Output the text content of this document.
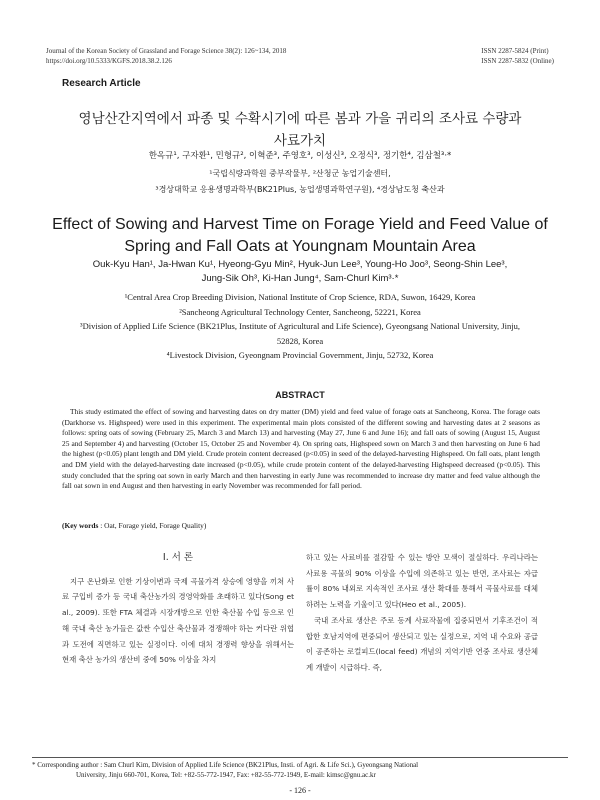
Journal of the Korean Society of Grassland and Forage Science 38(2): 126~134, 2018
https://doi.org/10.5333/KGFS.2018.38.2.126
ISSN 2287-5824 (Print)
ISSN 2287-5832 (Online)
Research Article
영남산간지역에서 파종 및 수확시기에 따른 봄과 가을 귀리의 조사료 수량과
사료가치
한옥규¹, 구자환¹, 민형규², 이혁준³, 주영호³, 이성신³, 오정식³, 정기한⁴, 김삼철³·*
¹국립식량과학원 중부작물부, ²산청군 농업기술센터,
³경상대학교 응용생명과학부(BK21Plus, 농업생명과학연구원), ⁴경상남도청 축산과
Effect of Sowing and Harvest Time on Forage Yield and Feed Value of
Spring and Fall Oats at Youngnam Mountain Area
Ouk-Kyu Han¹, Ja-Hwan Ku¹, Hyeong-Gyu Min², Hyuk-Jun Lee³, Young-Ho Joo³, Seong-Shin Lee³,
Jung-Sik Oh³, Ki-Han Jung⁴, Sam-Churl Kim³·*
¹Central Area Crop Breeding Division, National Institute of Crop Science, RDA, Suwon, 16429, Korea
²Sancheong Agricultural Technology Center, Sancheong, 52221, Korea
³Division of Applied Life Science (BK21Plus, Institute of Agricultural and Life Science), Gyeongsang National University, Jinju,
52828, Korea
⁴Livestock Division, Gyeongnam Provincial Government, Jinju, 52732, Korea
ABSTRACT
This study estimated the effect of sowing and harvesting dates on dry matter (DM) yield and feed value of forage oats at Sancheong, Korea. The forage oats (Darkhorse vs. Highspeed) were used in this experiment. The experimental main plots consisted of the different sowing and harvesting dates at 2 seasons as follows: spring oats of sowing (February 25, March 3 and March 13) and harvesting (May 27, June 6 and June 16); and fall oats of sowing (August 15, August 25 and September 4) and harvesting (October 15, October 25 and November 4). On spring oats, Highspeed sown on March 3 and then harvesting on June 6 had the highest (p<0.05) plant length and DM yield. Crude protein content decreased (p<0.05) in seed of the delayed-harvesting Highspeed. On fall oats, plant length and DM yield with the delayed-harvesting date increased (p<0.05), while crude protein content of the delayed-harvesting Highspeed decreased (p<0.05). This study concluded that the spring oat sown in early March and then harvesting in early June was recommended to increase dry matter and feed value although the fall oat sown in end August and then harvesting in early November was recommended for fall period.
(Key words : Oat, Forage yield, Forage Quality)
Ⅰ. 서 론

지구 온난화로 인한 기상이변과 국제 곡물가격 상승에 영향을 끼쳐 사료 구입비 증가 등 국내 축산농가의 경영악화를 초래하고 있다(Song et al., 2009). 또한 FTA 체결과 시장개방으로 인한 축산물 수입 등으로 인해 국내 축산 농가들은 값싼 수입산 축산물과 경쟁해야 하는 커다란 위협과 도전에 직면하고 있는 실정이다. 이에 대처 경쟁력 향상을 위해서는 현재 축산 농가의 생산비 중에 50% 이상을 차지

하고 있는 사료비를 절감할 수 있는 방안 모색이 절실하다. 우리나라는 사료용 곡물의 90% 이상을 수입에 의존하고 있는 반면, 조사료는 자급률이 80% 내외로 지속적인 조사료 생산 확대를 통해서 곡물사료를 대체하려는 노력을 기울이고 있다(Heo et al., 2005).

국내 조사료 생산은 주로 동계 사료작물에 집중되면서 기후조건이 적합한 호남지역에 편중되어 생산되고 있는 실정으로, 지역 내 수요와 공급이 공존하는 로컬피드(local feed) 개념의 지역기반 연중 조사료 생산체계 개발이 시급하다. 즉,

* Corresponding author : Sam Churl Kim, Division of Applied Life Science (BK21Plus, Insti. of Agri. & Life Sci.), Gyeongsang National
University, Jinju 660-701, Korea, Tel: +82-55-772-1947, Fax: +82-55-772-1949, E-mail: kimsc@gnu.ac.kr
- 126 -
